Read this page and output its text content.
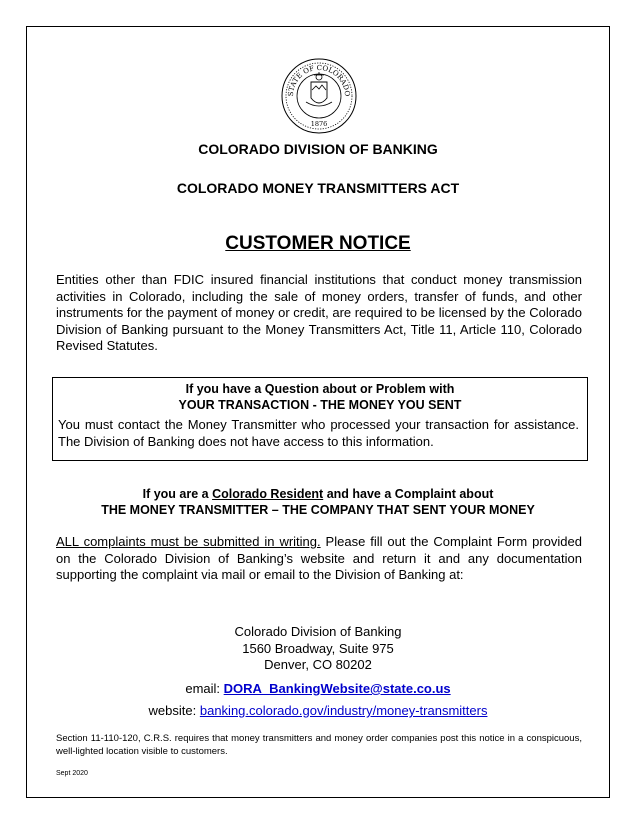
STATE OF COLORADO
1876
COLORADO DIVISION OF BANKING
COLORADO MONEY TRANSMITTERS ACT
CUSTOMER NOTICE
Entities other than FDIC insured financial institutions that conduct money transmission activities in Colorado, including the sale of money orders, transfer of funds, and other instruments for the payment of money or credit, are required to be licensed by the Colorado Division of Banking pursuant to the Money Transmitters Act, Title 11, Article 110, Colorado Revised Statutes.
If you have a Question about or Problem with
YOUR TRANSACTION - THE MONEY YOU SENT
You must contact the Money Transmitter who processed your transaction for assistance. The Division of Banking does not have access to this information.
If you are a Colorado Resident and have a Complaint about
THE MONEY TRANSMITTER – THE COMPANY THAT SENT YOUR MONEY
ALL complaints must be submitted in writing. Please fill out the Complaint Form provided on the Colorado Division of Banking’s website and return it and any documentation supporting the complaint via mail or email to the Division of Banking at:
Colorado Division of Banking
1560 Broadway, Suite 975
Denver, CO 80202
email: DORA_BankingWebsite@state.co.us
website: banking.colorado.gov/industry/money-transmitters
Section 11-110-120, C.R.S. requires that money transmitters and money order companies post this notice in a conspicuous, well-lighted location visible to customers.
Sept 2020
